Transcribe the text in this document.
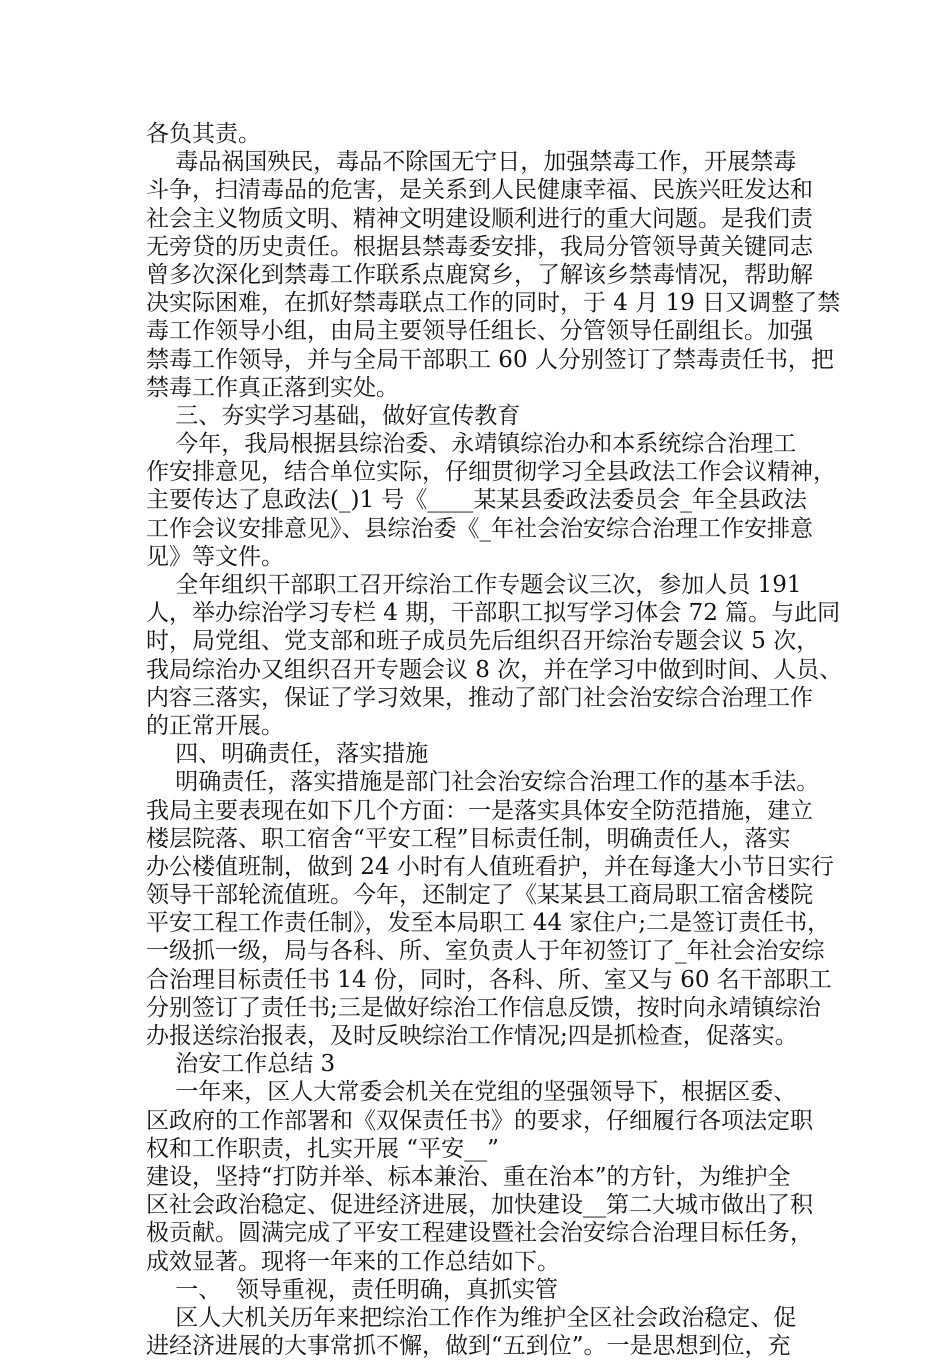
各负其责。
毒品祸国殃民，毒品不除国无宁日，加强禁毒工作，开展禁毒
斗争，扫清毒品的危害，是关系到人民健康幸福、民族兴旺发达和
社会主义物质文明、精神文明建设顺利进行的重大问题。是我们责
无旁贷的历史责任。根据县禁毒委安排，我局分管领导黄关键同志
曾多次深化到禁毒工作联系点鹿窝乡，了解该乡禁毒情况，帮助解
决实际困难，在抓好禁毒联点工作的同时，于 4 月 19 日又调整了禁
毒工作领导小组，由局主要领导任组长、分管领导任副组长。加强
禁毒工作领导，并与全局干部职工 60 人分别签订了禁毒责任书，把
禁毒工作真正落到实处。
三、夯实学习基础，做好宣传教育
今年，我局根据县综治委、永靖镇综治办和本系统综合治理工
作安排意见，结合单位实际，仔细贯彻学习全县政法工作会议精神，
主要传达了息政法(_)1 号《____某某县委政法委员会_年全县政法
工作会议安排意见》、县综治委《_年社会治安综合治理工作安排意
见》等文件。
全年组织干部职工召开综治工作专题会议三次，参加人员 191
人，举办综治学习专栏 4 期，干部职工拟写学习体会 72 篇。与此同
时，局党组、党支部和班子成员先后组织召开综治专题会议 5 次，
我局综治办又组织召开专题会议 8 次，并在学习中做到时间、人员、
内容三落实，保证了学习效果，推动了部门社会治安综合治理工作
的正常开展。
四、明确责任，落实措施
明确责任，落实措施是部门社会治安综合治理工作的基本手法。
我局主要表现在如下几个方面：一是落实具体安全防范措施，建立
楼层院落、职工宿舍“平安工程”目标责任制，明确责任人，落实
办公楼值班制，做到 24 小时有人值班看护，并在每逢大小节日实行
领导干部轮流值班。今年，还制定了《某某县工商局职工宿舍楼院
平安工程工作责任制》，发至本局职工 44 家住户;二是签订责任书，
一级抓一级，局与各科、所、室负责人于年初签订了_年社会治安综
合治理目标责任书 14 份，同时，各科、所、室又与 60 名干部职工
分别签订了责任书;三是做好综治工作信息反馈，按时向永靖镇综治
办报送综治报表，及时反映综治工作情况;四是抓检查，促落实。
治安工作总结 3
一年来，区人大常委会机关在党组的坚强领导下，根据区委、
区政府的工作部署和《双保责任书》的要求，仔细履行各项法定职
权和工作职责，扎实开展 “平安__”
建设，坚持“打防并举、标本兼治、重在治本”的方针，为维护全
区社会政治稳定、促进经济进展，加快建设__第二大城市做出了积
极贡献。圆满完成了平安工程建设暨社会治安综合治理目标任务，
成效显著。现将一年来的工作总结如下。
一、  领导重视，责任明确，真抓实管
区人大机关历年来把综治工作作为维护全区社会政治稳定、促
进经济进展的大事常抓不懈，做到“五到位”。一是思想到位，充
